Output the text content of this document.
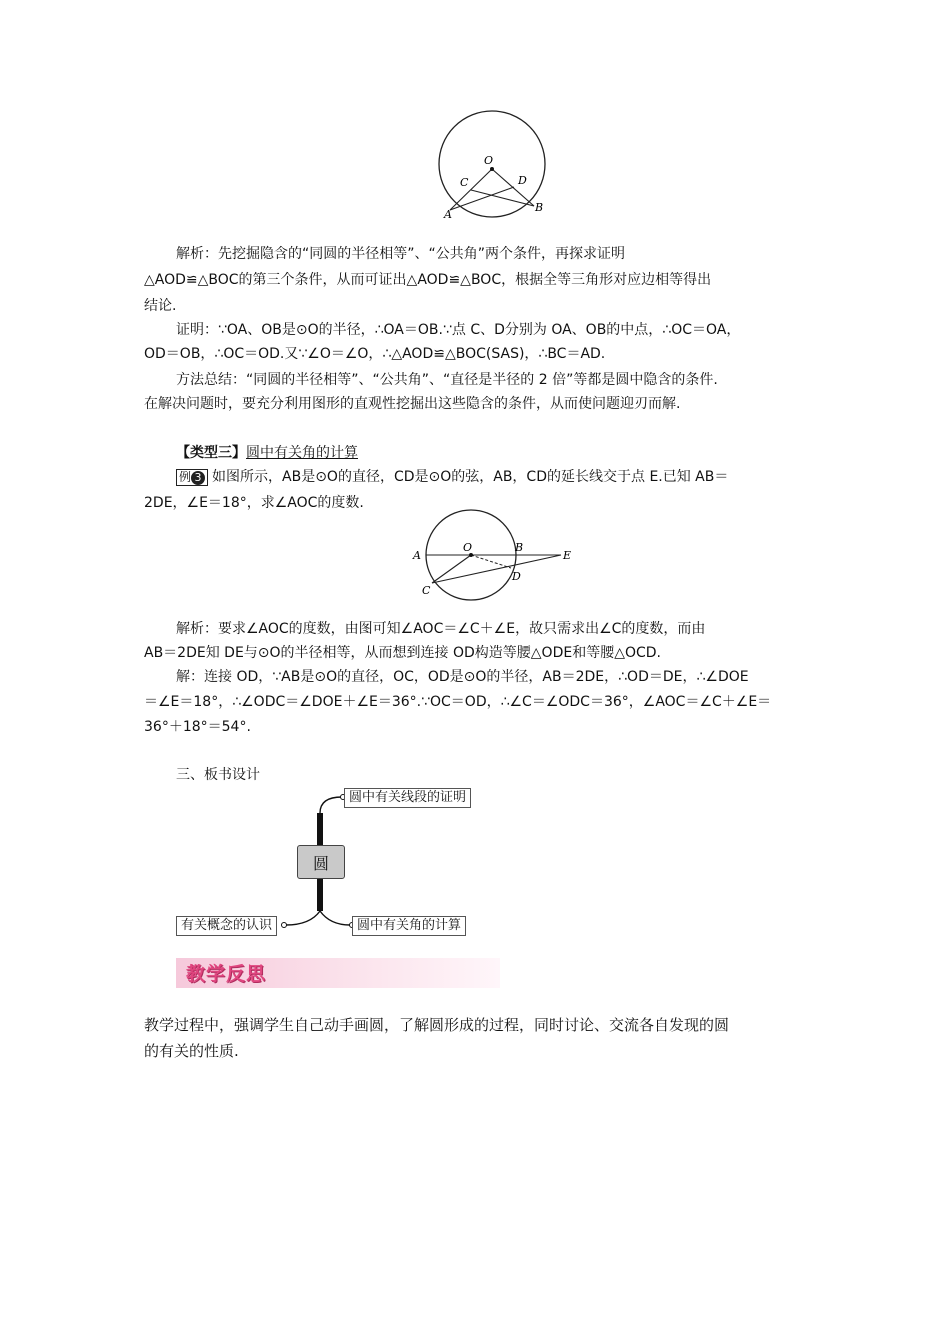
O
C	D
A
B
解析：先挖掘隐含的“同圆的半径相等”、“公共角”两个条件，再探求证明
△AOD≌△BOC的第三个条件，从而可证出△AOD≌△BOC，根据全等三角形对应边相等得出
结论.
证明：∵OA、OB是⊙O的半径，∴OA＝OB.∵点 C、D分别为 OA、OB的中点，∴OC＝OA，
OD＝OB，∴OC＝OD.又∵∠O＝∠O，∴△AOD≌△BOC(SAS)，∴BC＝AD.
方法总结：“同圆的半径相等”、“公共角”、“直径是半径的 2 倍”等都是圆中隐含的条件.
在解决问题时，要充分利用图形的直观性挖掘出这些隐含的条件，从而使问题迎刃而解.
【类型三】圆中有关角的计算
例 3 如图所示，AB是⊙O的直径，CD是⊙O的弦，AB，CD的延长线交于点 E.已知 AB＝
2DE，∠E＝18°，求∠AOC的度数.
A
O	B
E
D
C
解析：要求∠AOC的度数，由图可知∠AOC＝∠C＋∠E，故只需求出∠C的度数，而由
AB＝2DE知 DE与⊙O的半径相等，从而想到连接 OD构造等腰△ODE和等腰△OCD.
解：连接 OD，∵AB是⊙O的直径，OC，OD是⊙O的半径，AB＝2DE，∴OD＝DE，∴∠DOE
＝∠E＝18°，∴∠ODC＝∠DOE＋∠E＝36°.∵OC＝OD，∴∠C＝∠ODC＝36°，∠AOC＝∠C＋∠E＝
36°＋18°＝54°.
三、板书设计
圆
圆中有关线段的证明
有关概念的认识	圆中有关角的计算
教学反思
教学过程中，强调学生自己动手画圆，了解圆形成的过程，同时讨论、交流各自发现的圆
的有关的性质.
